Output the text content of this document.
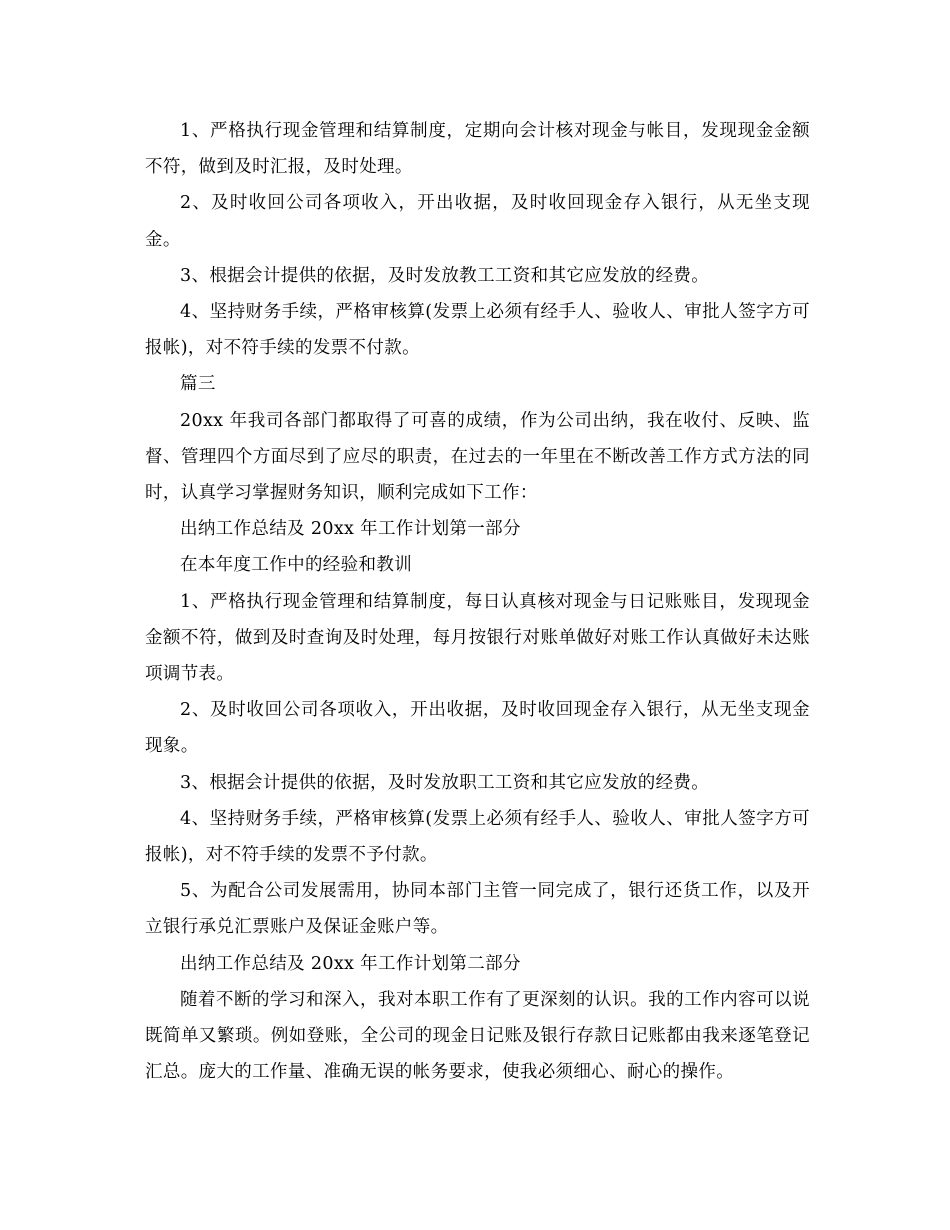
1、严格执行现金管理和结算制度，定期向会计核对现金与帐目，发现现金金额不符，做到及时汇报，及时处理。

2、及时收回公司各项收入，开出收据，及时收回现金存入银行，从无坐支现金。

3、根据会计提供的依据，及时发放教工工资和其它应发放的经费。

4、坚持财务手续，严格审核算(发票上必须有经手人、验收人、审批人签字方可报帐)，对不符手续的发票不付款。

篇三

20xx 年我司各部门都取得了可喜的成绩，作为公司出纳，我在收付、反映、监督、管理四个方面尽到了应尽的职责，在过去的一年里在不断改善工作方式方法的同时，认真学习掌握财务知识，顺利完成如下工作：

出纳工作总结及 20xx 年工作计划第一部分

在本年度工作中的经验和教训

1、严格执行现金管理和结算制度，每日认真核对现金与日记账账目，发现现金金额不符，做到及时查询及时处理，每月按银行对账单做好对账工作认真做好未达账项调节表。

2、及时收回公司各项收入，开出收据，及时收回现金存入银行，从无坐支现金现象。

3、根据会计提供的依据，及时发放职工工资和其它应发放的经费。

4、坚持财务手续，严格审核算(发票上必须有经手人、验收人、审批人签字方可报帐)，对不符手续的发票不予付款。

5、为配合公司发展需用，协同本部门主管一同完成了，银行还货工作，以及开立银行承兑汇票账户及保证金账户等。

出纳工作总结及 20xx 年工作计划第二部分

随着不断的学习和深入，我对本职工作有了更深刻的认识。我的工作内容可以说既简单又繁琐。例如登账，全公司的现金日记账及银行存款日记账都由我来逐笔登记汇总。庞大的工作量、准确无误的帐务要求，使我必须细心、耐心的操作。
